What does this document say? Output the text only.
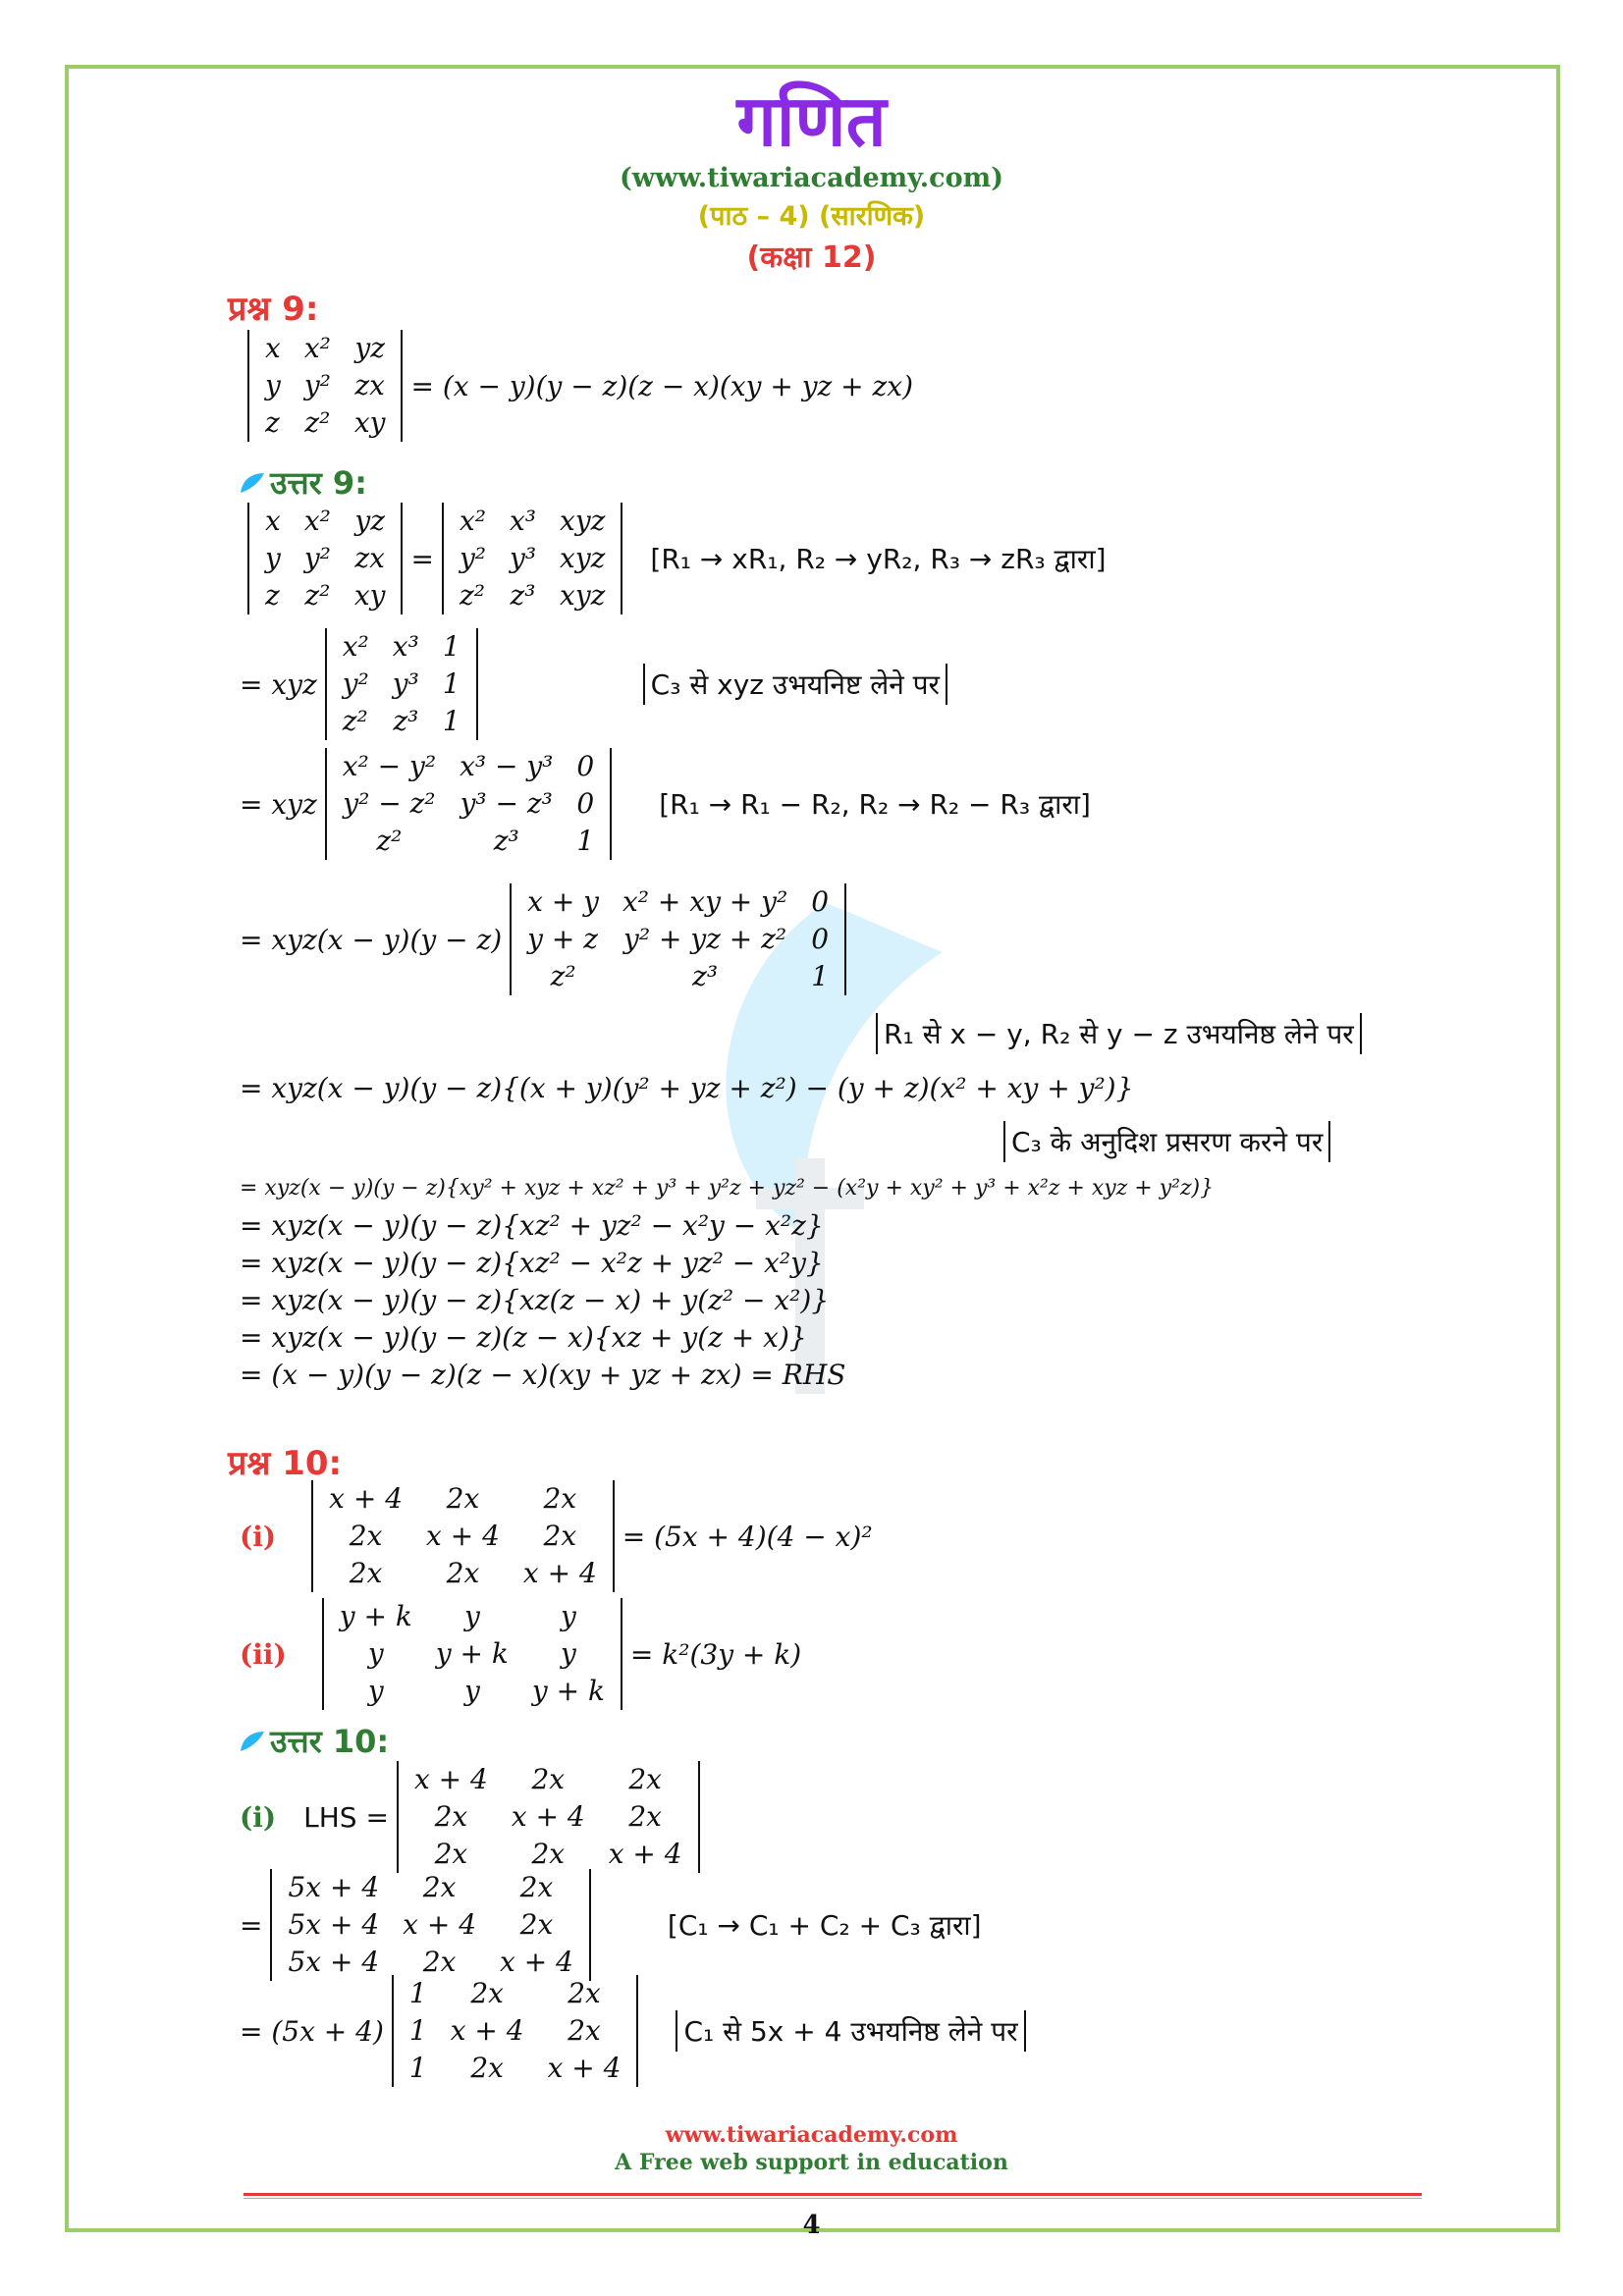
गणित
(www.tiwariacademy.com)
(पाठ – 4) (सारणिक)
(कक्षा 12)
प्रश्न 9:
x	x²	yz
y	y²	zx
z	z²	xy
= (x − y)(y − z)(z − x)(xy + yz + zx)
उत्तर 9:
x	x²	yz
y	y²	zx
z	z²	xy
=
x²	x³	xyz
y²	y³	xyz
z²	z³	xyz
[R₁ → xR₁, R₂ → yR₂, R₃ → zR₃ द्वारा]
= xyz
x²	x³	1
y²	y³	1
z²	z³	1
C₃ से xyz उभयनिष्ट लेने पर
= xyz
x² − y²	x³ − y³	0
y² − z²	y³ − z³	0
z²	z³	1
[R₁ → R₁ − R₂, R₂ → R₂ − R₃ द्वारा]
= xyz(x − y)(y − z)
x + y	x² + xy + y²	0
y + z	y² + yz + z²	0
z²	z³	1
R₁ से x − y, R₂ से y − z उभयनिष्ठ लेने पर
= xyz(x − y)(y − z){(x + y)(y² + yz + z²) − (y + z)(x² + xy + y²)}
C₃ के अनुदिश प्रसरण करने पर
= xyz(x − y)(y − z){xy² + xyz + xz² + y³ + y²z + yz² − (x²y + xy² + y³ + x²z + xyz + y²z)}
= xyz(x − y)(y − z){xz² + yz² − x²y − x²z}
= xyz(x − y)(y − z){xz² − x²z + yz² − x²y}
= xyz(x − y)(y − z){xz(z − x) + y(z² − x²)}
= xyz(x − y)(y − z)(z − x){xz + y(z + x)}
= (x − y)(y − z)(z − x)(xy + yz + zx) = RHS
प्रश्न 10:
(i)
x + 4	2x	2x
2x	x + 4	2x
2x	2x	x + 4
= (5x + 4)(4 − x)²
(ii)
y + k	y	y
y	y + k	y
y	y	y + k
= k²(3y + k)
उत्तर 10:
(i) LHS =
x + 4	2x	2x
2x	x + 4	2x
2x	2x	x + 4
=
5x + 4	2x	2x
5x + 4	x + 4	2x
5x + 4	2x	x + 4
[C₁ → C₁ + C₂ + C₃ द्वारा]
= (5x + 4)
1	2x	2x
1	x + 4	2x
1	2x	x + 4
C₁ से 5x + 4 उभयनिष्ठ लेने पर
www.tiwariacademy.com
A Free web support in education
4
